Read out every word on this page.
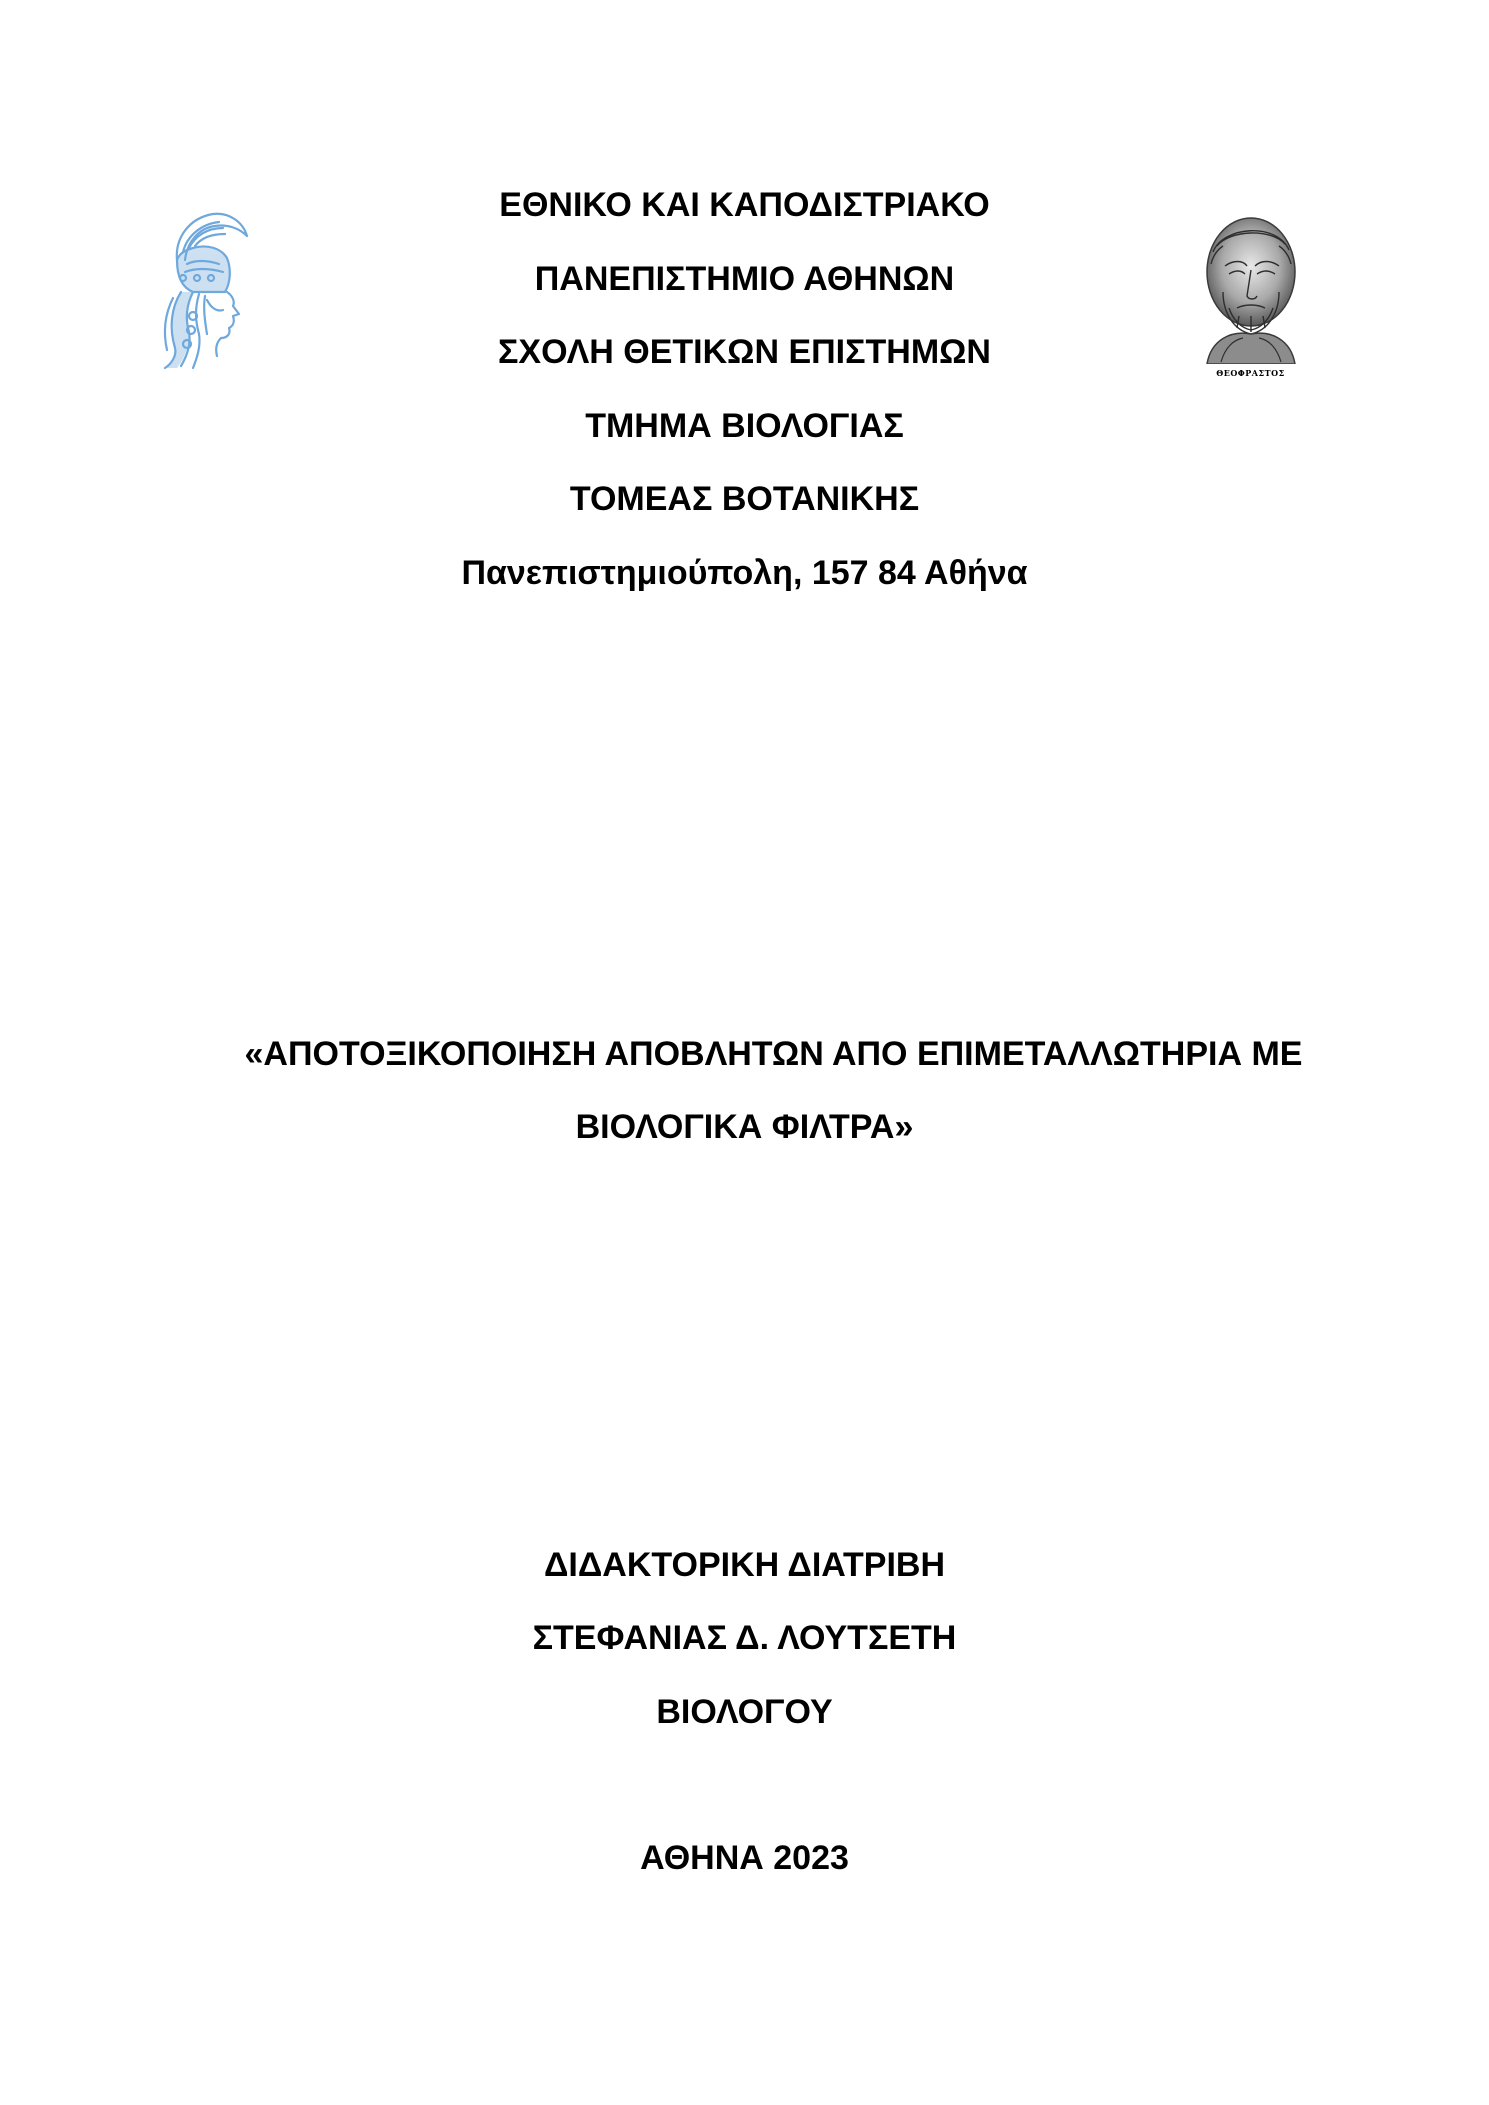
ΘΕΟΦΡΑΣΤΟΣ
ΕΘΝΙΚΟ ΚΑΙ ΚΑΠΟΔΙΣΤΡΙΑΚΟ
ΠΑΝΕΠΙΣΤΗΜΙΟ ΑΘΗΝΩΝ
ΣΧΟΛΗ ΘΕΤΙΚΩΝ ΕΠΙΣΤΗΜΩΝ
ΤΜΗΜΑ ΒΙΟΛΟΓΙΑΣ
ΤΟΜΕΑΣ ΒΟΤΑΝΙΚΗΣ
Πανεπιστημιούπολη, 157 84 Αθήνα
«ΑΠΟΤΟΞΙΚΟΠΟΙΗΣΗ ΑΠΟΒΛΗΤΩΝ ΑΠΟ ΕΠΙΜΕΤΑΛΛΩΤΗΡΙΑ ΜΕ
ΒΙΟΛΟΓΙΚΑ ΦΙΛΤΡΑ»
ΔΙΔΑΚΤΟΡΙΚΗ ΔΙΑΤΡΙΒΗ
ΣΤΕΦΑΝΙΑΣ Δ. ΛΟΥΤΣΕΤΗ
ΒΙΟΛΟΓΟΥ
ΑΘΗΝΑ 2023
